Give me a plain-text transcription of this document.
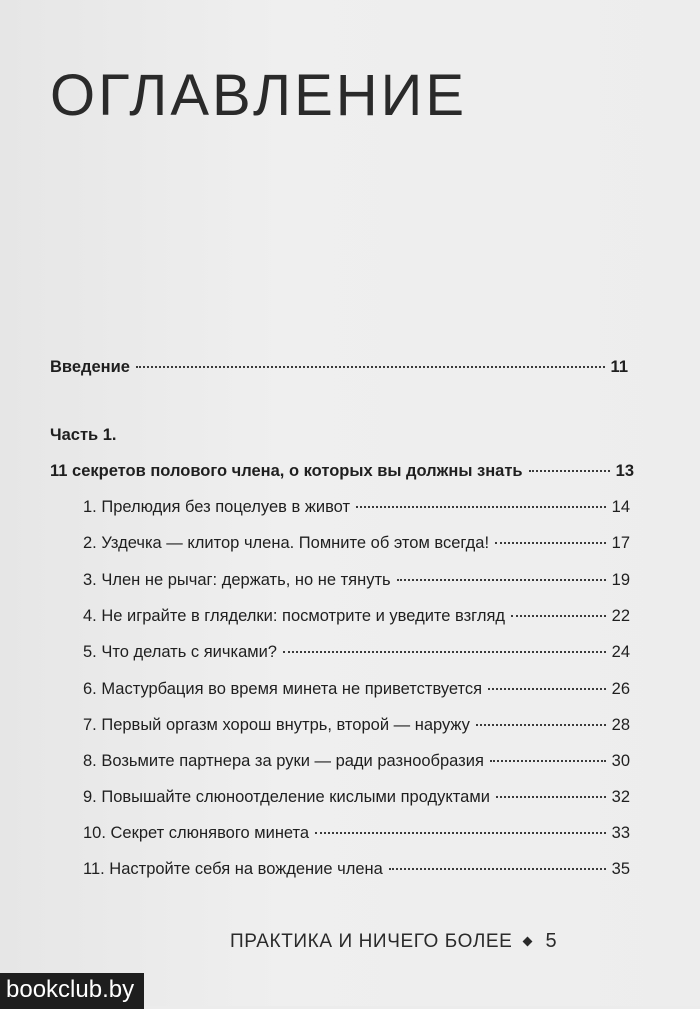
ОГЛАВЛЕНИЕ
Введение	11

Часть 1.

11 секретов полового члена, о которых вы должны знать	13
1. Прелюдия без поцелуев в живот	14
2. Уздечка — клитор члена. Помните об этом всегда!	17
3. Член не рычаг: держать, но не тянуть	19
4. Не играйте в гляделки: посмотрите и уведите взгляд	22
5. Что делать с яичками?	24
6. Мастурбация во время минета не приветствуется	26
7. Первый оргазм хорош внутрь, второй — наружу	28
8. Возьмите партнера за руки — ради разнообразия	30
9. Повышайте слюноотделение кислыми продуктами	32
10. Секрет слюнявого минета	33
11. Настройте себя на вождение члена	35
ПРАКТИКА И НИЧЕГО БОЛЕЕ 5
bookclub.by
